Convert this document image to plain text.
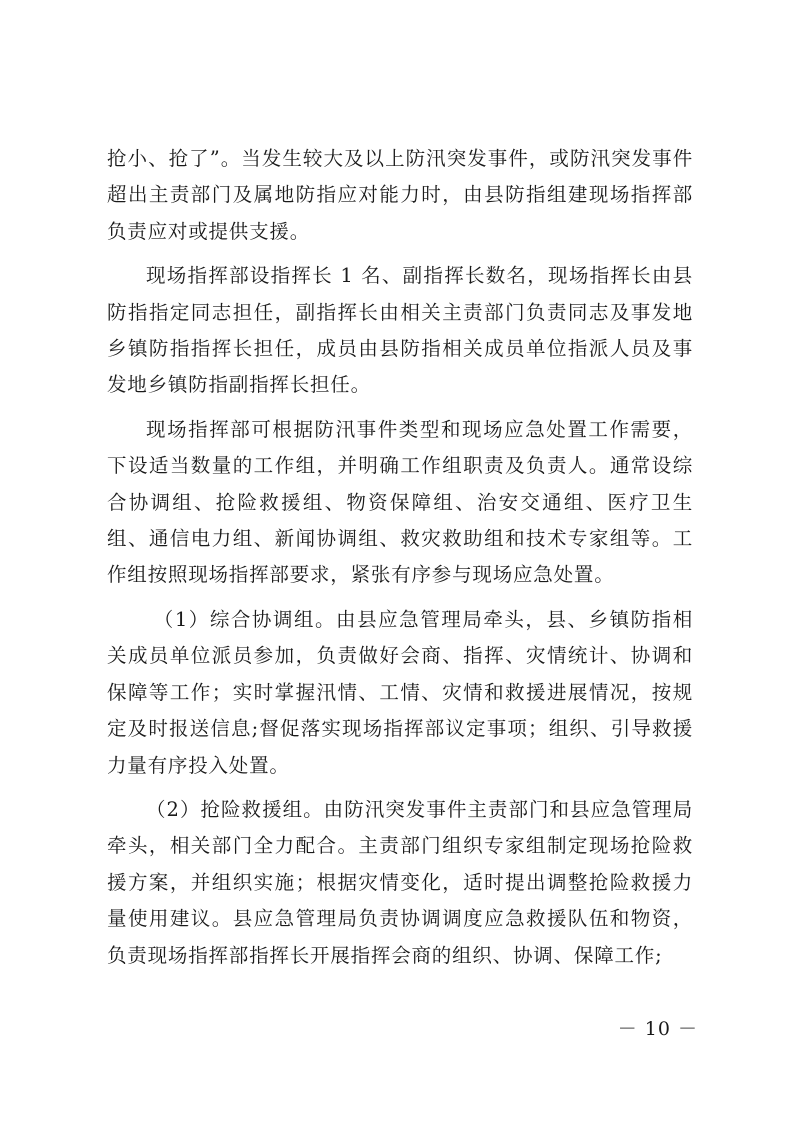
抢小、抢了”。当发生较大及以上防汛突发事件，或防汛突发事件超出主责部门及属地防指应对能力时，由县防指组建现场指挥部负责应对或提供支援。

现场指挥部设指挥长 1 名、副指挥长数名，现场指挥长由县防指指定同志担任，副指挥长由相关主责部门负责同志及事发地乡镇防指指挥长担任，成员由县防指相关成员单位指派人员及事发地乡镇防指副指挥长担任。

现场指挥部可根据防汛事件类型和现场应急处置工作需要，下设适当数量的工作组，并明确工作组职责及负责人。通常设综合协调组、抢险救援组、物资保障组、治安交通组、医疗卫生组、通信电力组、新闻协调组、救灾救助组和技术专家组等。工作组按照现场指挥部要求，紧张有序参与现场应急处置。

（1）综合协调组。由县应急管理局牵头，县、乡镇防指相关成员单位派员参加，负责做好会商、指挥、灾情统计、协调和保障等工作；实时掌握汛情、工情、灾情和救援进展情况，按规定及时报送信息;督促落实现场指挥部议定事项；组织、引导救援力量有序投入处置。

（2）抢险救援组。由防汛突发事件主责部门和县应急管理局牵头，相关部门全力配合。主责部门组织专家组制定现场抢险救援方案，并组织实施；根据灾情变化，适时提出调整抢险救援力量使用建议。县应急管理局负责协调调度应急救援队伍和物资，负责现场指挥部指挥长开展指挥会商的组织、协调、保障工作;

－ 10 －
